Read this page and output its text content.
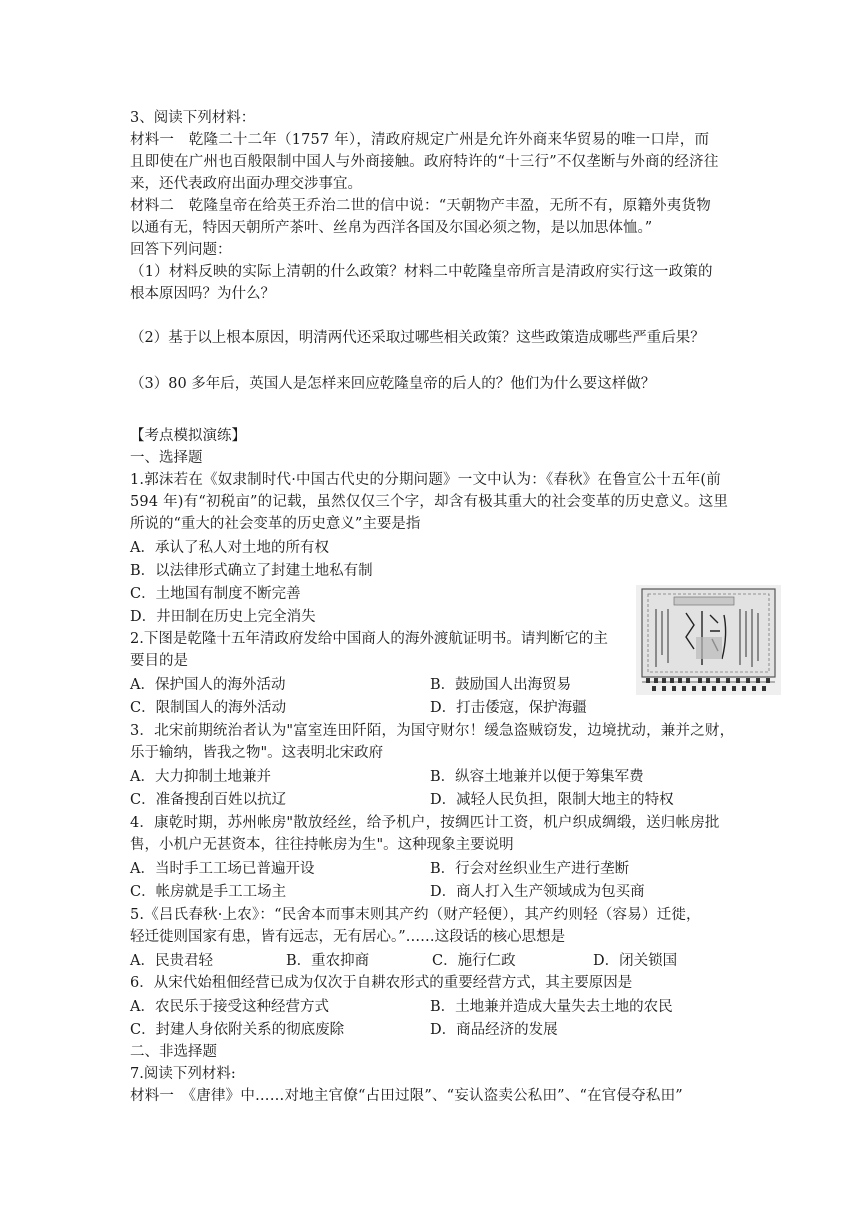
3、阅读下列材料：
材料一　乾隆二十二年（1757 年），清政府规定广州是允许外商来华贸易的唯一口岸，而
且即使在广州也百般限制中国人与外商接触。政府特许的“十三行”不仅垄断与外商的经济往
来，还代表政府出面办理交涉事宜。
材料二　乾隆皇帝在给英王乔治二世的信中说：“天朝物产丰盈，无所不有，原籍外夷货物
以通有无，特因天朝所产茶叶、丝帛为西洋各国及尔国必须之物，是以加思体恤。”
回答下列问题：
（1）材料反映的实际上清朝的什么政策？材料二中乾隆皇帝所言是清政府实行这一政策的
根本原因吗？为什么？
（2）基于以上根本原因，明清两代还采取过哪些相关政策？这些政策造成哪些严重后果？
（3）80 多年后，英国人是怎样来回应乾隆皇帝的后人的？他们为什么要这样做？
【考点模拟演练】
一、选择题
1.郭沫若在《奴隶制时代·中国古代史的分期问题》一文中认为：《春秋》在鲁宣公十五年(前
594 年)有“初税亩”的记载，虽然仅仅三个字，却含有极其重大的社会变革的历史意义。这里
所说的“重大的社会变革的历史意义”主要是指
A．承认了私人对土地的所有权
B．以法律形式确立了封建土地私有制
C．土地国有制度不断完善
D．井田制在历史上完全消失
2.下图是乾隆十五年清政府发给中国商人的海外渡航证明书。请判断它的主
要目的是
A．保护国人的海外活动	B．鼓励国人出海贸易
C．限制国人的海外活动	D．打击倭寇，保护海疆
3．北宋前期统治者认为"富室连田阡陌，为国守财尔！缓急盗贼窃发，边境扰动，兼并之财，
乐于输纳，皆我之物"。这表明北宋政府
A．大力抑制土地兼并	B．纵容土地兼并以便于筹集军费
C．准备搜刮百姓以抗辽	D．减轻人民负担，限制大地主的特权
4．康乾时期，苏州帐房"散放经丝，给予机户，按绸匹计工资，机户织成绸缎，送归帐房批
售，小机户无甚资本，往往持帐房为生"。这种现象主要说明
A．当时手工工场已普遍开设	B．行会对丝织业生产进行垄断
C．帐房就是手工工场主	D．商人打入生产领域成为包买商
5.《吕氏春秋·上农》：“民舍本而事末则其产约（财产轻便），其产约则轻（容易）迁徙，
轻迁徙则国家有患，皆有远志，无有居心。”……这段话的核心思想是
A．民贵君轻	B．重农抑商	C．施行仁政	D．闭关锁国
6．从宋代始租佃经营已成为仅次于自耕农形式的重要经营方式，其主要原因是
A．农民乐于接受这种经营方式	B．土地兼并造成大量失去土地的农民
C．封建人身依附关系的彻底废除	D．商品经济的发展
二、非选择题
7.阅读下列材料:
材料一　《唐律》中……对地主官僚“占田过限”、“妄认盗卖公私田”、“在官侵夺私田”
